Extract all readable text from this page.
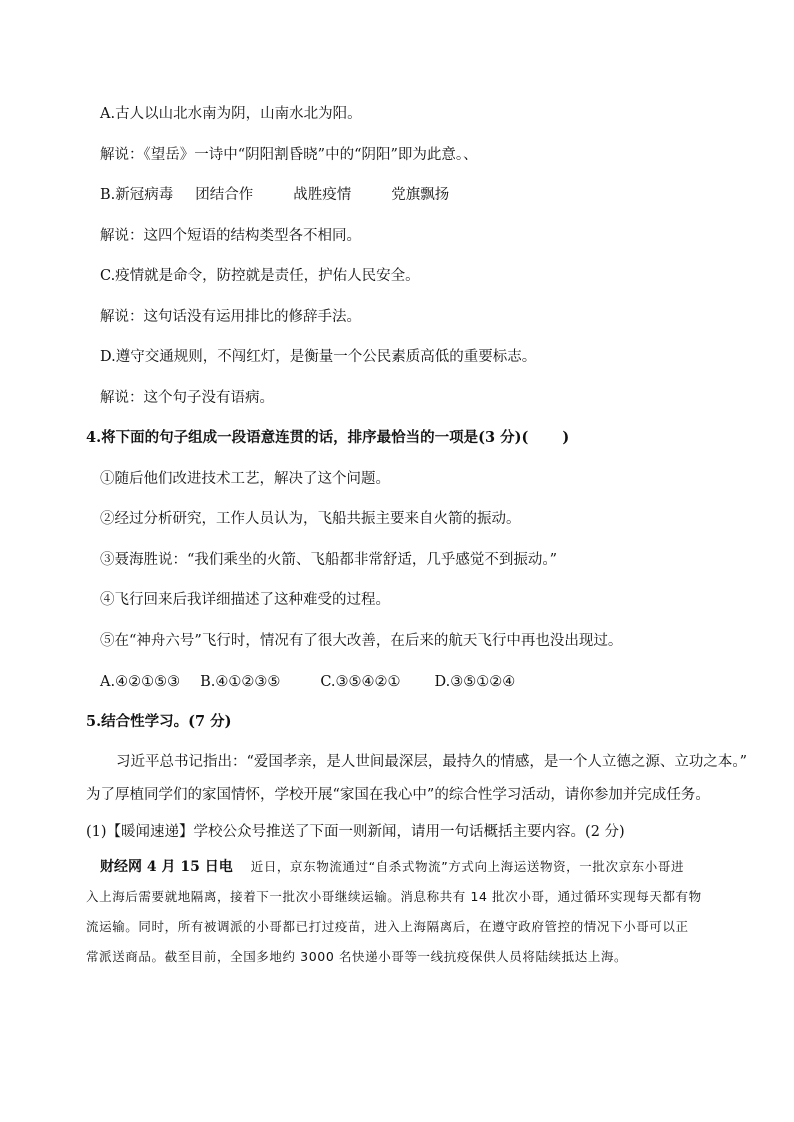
A.古人以山北水南为阴，山南水北为阳。
解说：《望岳》一诗中“阴阳割昏晓”中的“阴阳”即为此意。、
B.新冠病毒 团结合作	战胜疫情	党旗飘扬
解说：这四个短语的结构类型各不相同。
C.疫情就是命令，防控就是责任，护佑人民安全。
解说：这句话没有运用排比的修辞手法。
D.遵守交通规则，不闯红灯，是衡量一个公民素质高低的重要标志。
解说：这个句子没有语病。
4.将下面的句子组成一段语意连贯的话，排序最恰当的一项是(3 分)( )
①随后他们改进技术工艺，解决了这个问题。
②经过分析研究，工作人员认为，飞船共振主要来自火箭的振动。
③聂海胜说：“我们乘坐的火箭、飞船都非常舒适，几乎感觉不到振动。”
④飞行回来后我详细描述了这种难受的过程。
⑤在“神舟六号”飞行时，情况有了很大改善，在后来的航天飞行中再也没出现过。
A.④②①⑤③ B.④①②③⑤	C.③⑤④②① D.③⑤①②④
5.结合性学习。(7 分)
习近平总书记指出：“爱国孝亲，是人世间最深层，最持久的情感，是一个人立德之源、立功之本。”
为了厚植同学们的家国情怀，学校开展“家国在我心中”的综合性学习活动，请你参加并完成任务。
(1)【暖闻速递】学校公众号推送了下面一则新闻，请用一句话概括主要内容。(2 分)
财经网 4 月 15 日电 近日，京东物流通过“自杀式物流”方式向上海运送物资，一批次京东小哥进
入上海后需要就地隔离，接着下一批次小哥继续运输。消息称共有 14 批次小哥，通过循环实现每天都有物
流运输。同时，所有被调派的小哥都已打过疫苗，进入上海隔离后，在遵守政府管控的情况下小哥可以正
常派送商品。截至目前，全国多地约 3000 名快递小哥等一线抗疫保供人员将陆续抵达上海。
